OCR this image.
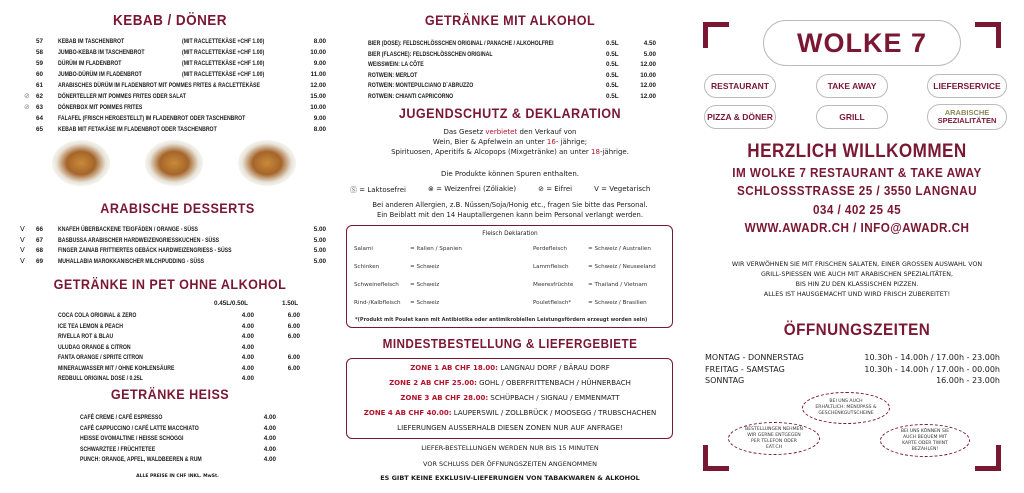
KEBAB / DÖNER
ARABISCHE DESSERTS
GETRÄNKE IN PET OHNE ALKOHOL
0.45L/0.50L	1.50L
GETRÄNKE HEISS
ALLE PREISE IN CHF INKL. MwSt.
GETRÄNKE MIT ALKOHOL
JUGENDSCHUTZ & DEKLARATION
Das Gesetz verbietet den Verkauf von
Wein, Bier & Apfelwein an unter 16- jährige;
Spirituosen, Aperitifs & Alcopops (Mixgetränke) an unter 18-jährige.
Die Produkte können Spuren enthalten.
Ⓢ = Laktosefrei	⊗ = Weizenfrei (Zöliakie)	⊘ = Eifrei	V = Vegetarisch
Bei anderen Allergien, z.B. Nüssen/Soja/Honig etc., fragen Sie bitte das Personal.
Ein Beiblatt mit den 14 Hauptallergenen kann beim Personal verlangt werden.
Fleisch Deklaration
*(Produkt mit Poulet kann mit Antibiotika oder antimikrobiellen Leistungsfördern erzeugt worden sein)
MINDESTBESTELLUNG & LIEFERGEBIETE
LIEFER-BESTELLUNGEN WERDEN NUR BIS 15 MINUTEN
VOR SCHLUSS DER ÖFFNUNGSZEITEN ANGENOMMEN
ES GIBT KEINE EXKLUSIV-LIEFERUNGEN VON TABAKWAREN & ALKOHOL
WOLKE 7
RESTAURANT	TAKE AWAY	LIEFERSERVICE
PIZZA & DÖNER	GRILL	ARABISCHE
SPEZIALITÄTEN
HERZLICH WILLKOMMEN
IM WOLKE 7 RESTAURANT & TAKE AWAY
SCHLOSSSTRASSE 25 / 3550 LANGNAU
034 / 402 25 45
WWW.AWADR.CH / INFO@AWADR.CH
ÖFFNUNGSZEITEN
BEI UNS AUCH ERHÄLTLICH: MENÜPASS & GESCHENKGUTSCHEINE
BESTELLUNGEN NEHMEN WIR GERNE ENTGEGEN PER TELEFON ODER EAT.CH
BEI UNS KÖNNEN SIE AUCH BEQUEM MIT KARTE ODER TWINT BEZAHLEN!
57 KEBAB IM TASCHENBROT	(MIT RACLETTEKÄSE +CHF 1.00)	8.00
58 JUMBO-KEBAB IM TASCHENBROT	(MIT RACLETTEKÄSE +CHF 1.00)	10.00
59 DÜRÜM IM FLADENBROT	(MIT RACLETTEKÄSE +CHF 1.00)	9.00
60 JUMBO-DÜRÜM IM FLADENBROT	(MIT RACLETTEKÄSE +CHF 1.00)	11.00
61 ARABISCHES DÜRÜM IM FLADENBROT MIT POMMES FRITES & RACLETTEKÄSE	12.00
62 DÖNERTELLER MIT POMMES FRITES ODER SALAT	15.00
⊘
63 DÖNERBOX MIT POMMES FRITES	10.00
⊘
64 FALAFEL (FRISCH HERGESTELLT) IM FLADENBROT ODER TASCHENBROT	9.00
65 KEBAB MIT FETAKÄSE IM FLADENBROT ODER TASCHENBROT	8.00
V 66 KNAFEH ÜBERBACKENE TEIGFÄDEN / ORANGE - SÜSS	5.00
V 67 BASBUSSA ARABISCHER HARDWEIZENGRIESSKUCHEN - SÜSS	5.00
V 68 FINGER ZAINAB FRITTIERTES GEBÄCK HARDWEIZENGRIESS - SÜSS	5.00
V 69 MUHALLABIA MAROKKANISCHER MILCHPUDDING - SÜSS	5.00
COCA COLA ORIGINAL & ZERO	4.00	6.00
ICE TEA LEMON & PEACH	4.00	6.00
RIVELLA ROT & BLAU	4.00	6.00
ULUDAG ORANGE & CITRON	4.00
FANTA ORANGE / SPRITE CITRON	4.00	6.00
MINERALWASSER MIT / OHNE KOHLENSÄURE	4.00	6.00
REDBULL ORIGINAL DOSE / 0.25L	4.00
CAFÉ CREME / CAFÉ ESPRESSO	4.00
CAFÉ CAPPUCCINO / CAFÉ LATTE MACCHIATO	4.00
HEISSE OVOMALTINE / HEISSE SCHOGGI	4.00
SCHWARZTEE / FRÜCHTETEE	4.00
PUNCH: ORANGE, APFEL, WALDBEEREN & RUM	4.00
BIER (DOSE): FELDSCHLÖSSCHEN ORIGINAL / PANACHE / ALKOHOLFREI	0.5L	4.50
BIER (FLASCHE): FELDSCHLÖSSCHEN ORIGINAL	0.5L	5.00
WEISSWEIN: LA CÔTE	0.5L	12.00
ROTWEIN: MERLOT	0.5L	10.00
ROTWEIN: MONTEPULCIANO D`ABRUZZO	0.5L	12.00
ROTWEIN: CHIANTI CAPRICORNO	0.5L	12.00
Salami	= Italien / Spanien	Perdefleisch	= Schweiz / Australien
Schinken	= Schweiz	Lammfleisch	= Schweiz / Neuseeland
Schweinefleisch = Schweiz	Meeresfrüchte	= Thailand / Vietnam
Rind-/Kalbfleisch = Schweiz	Pouletfleisch*	= Schweiz / Brasilien
ZONE 1 AB CHF 18.00: LANGNAU DORF / BÄRAU DORF
ZONE 2 AB CHF 25.00: GOHL / OBERFRITTENBACH / HÜHNERBACH
ZONE 3 AB CHF 28.00: SCHÜPBACH / SIGNAU / EMMENMATT
ZONE 4 AB CHF 40.00: LAUPERSWIL / ZOLLBRÜCK / MOOSEGG / TRUBSCHACHEN
LIEFERUNGEN AUSSERHALB DIESEN ZONEN NUR AUF ANFRAGE!
WIR VERWÖHNEN SIE MIT FRISCHEN SALATEN, EINER GROSSEN AUSWAHL VON
GRILL-SPIESSEN WIE AUCH MIT ARABISCHEN SPEZIALITÄTEN,
BIS HIN ZU DEN KLASSISCHEN PIZZEN.
ALLES IST HAUSGEMACHT UND WIRD FRISCH ZUBEREITET!
MONTAG - DONNERSTAG	10.30h - 14.00h / 17.00h - 23.00h
FREITAG - SAMSTAG	10.30h - 14.00h / 17.00h - 00.00h
SONNTAG	16.00h - 23.00h
